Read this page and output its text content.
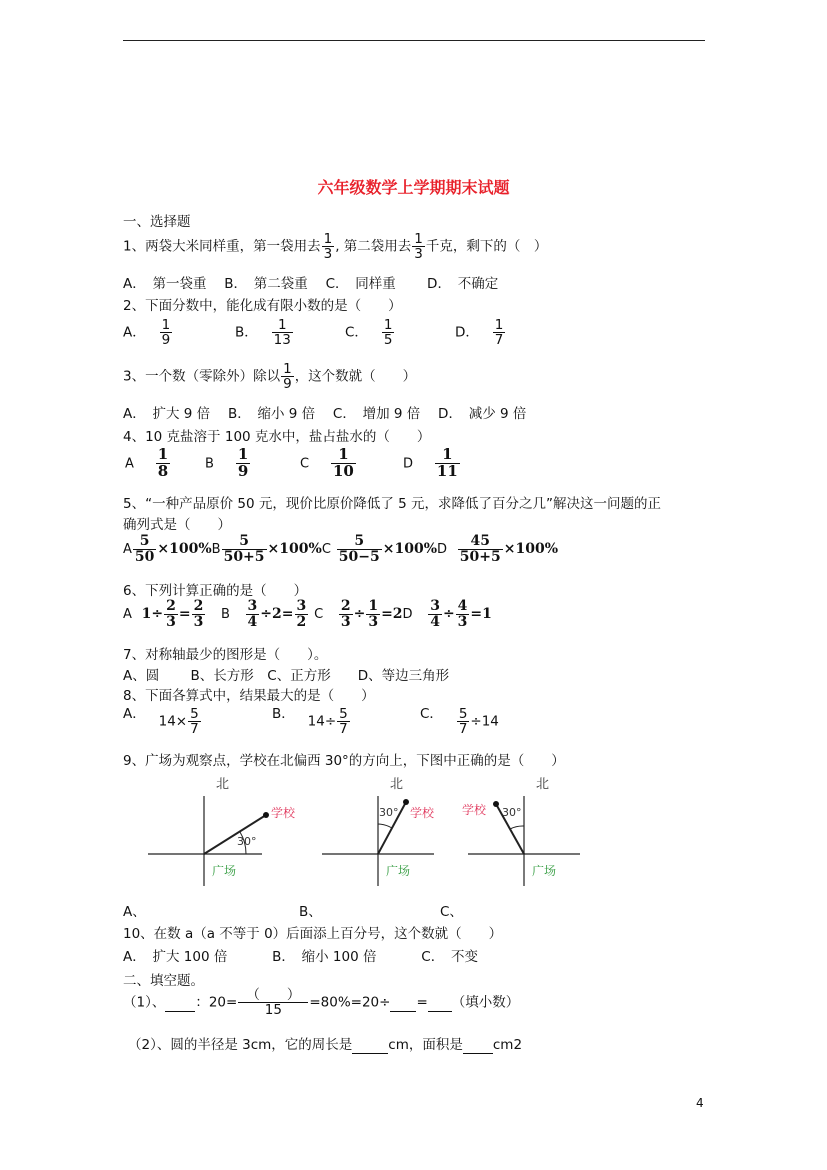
六年级数学上学期期末试题
一、选择题
1、两袋大米同样重，第一袋用去 $\frac{1}{3}$ , 第二袋用去 $\frac{1}{3}$ 千克，剩下的（　）
A．　第一袋重　 B．　第二袋重　 C．　同样重　　 D．　不确定
2、下面分数中，能化成有限小数的是（　　）
A． $\frac{1}{9}$	B． $\frac{1}{13}$	C． $\frac{1}{5}$	D． $\frac{1}{7}$
3、一个数（零除外）除以 $\frac{1}{9}$ ，这个数就（　　）
A．　扩大 9 倍　 B．　缩小 9 倍　 C．　增加 9 倍　 D．　减少 9 倍
4、10 克盐溶于 100 克水中，盐占盐水的（　　）
A $\frac{1}{8}$	B $\frac{1}{9}$	C $\frac{1}{10}$	D $\frac{1}{11}$
5、“一种产品原价 50 元，现价比原价降低了 5 元，求降低了百分之几”解决这一问题的正
确列式是（　　）
A $\frac{5}{50} \times 100\%B \frac{5}{50+5} \times 100\%C \frac{5}{50-5} \times 100\%D \frac{45}{50+5} \times 100\%$
6、下列计算正确的是（　　）
A $1\div \frac{2}{3} = \frac{2}{3}$ B $\frac{3}{4} \div 2= \frac{3}{2}$ C $\frac{2}{3} \div \frac{1}{3} =2D \frac{3}{4} \div \frac{4}{3} =1$
7、对称轴最少的图形是（　　）。
A、圆　　 B、长方形　C、正方形　　D、等边三角形
8、下面各算式中，结果最大的是（　　）
A． $14\times \frac{5}{7}$	B． $14\div \frac{5}{7}$	C． $\frac{5}{7} \div 14$
9、广场为观察点，学校在北偏西 30°的方向上，下图中正确的是（　　）
北
30°
学校
广场
北
30° 学校
广场
北
30°
学校
广场
A、	B、	C、
10、在数 a（a 不等于 0）后面添上百分号，这个数就（　　）
A．　扩大 100 倍　　　 B．　缩小 100 倍　　　 C．　不变
二、填空题。
（1）、 ：$20= \frac{( )}{15} =80\%=20\div$ = （填小数）
（2）、圆的半径是 3cm，它的周长是	cm，面积是 cm2
4
